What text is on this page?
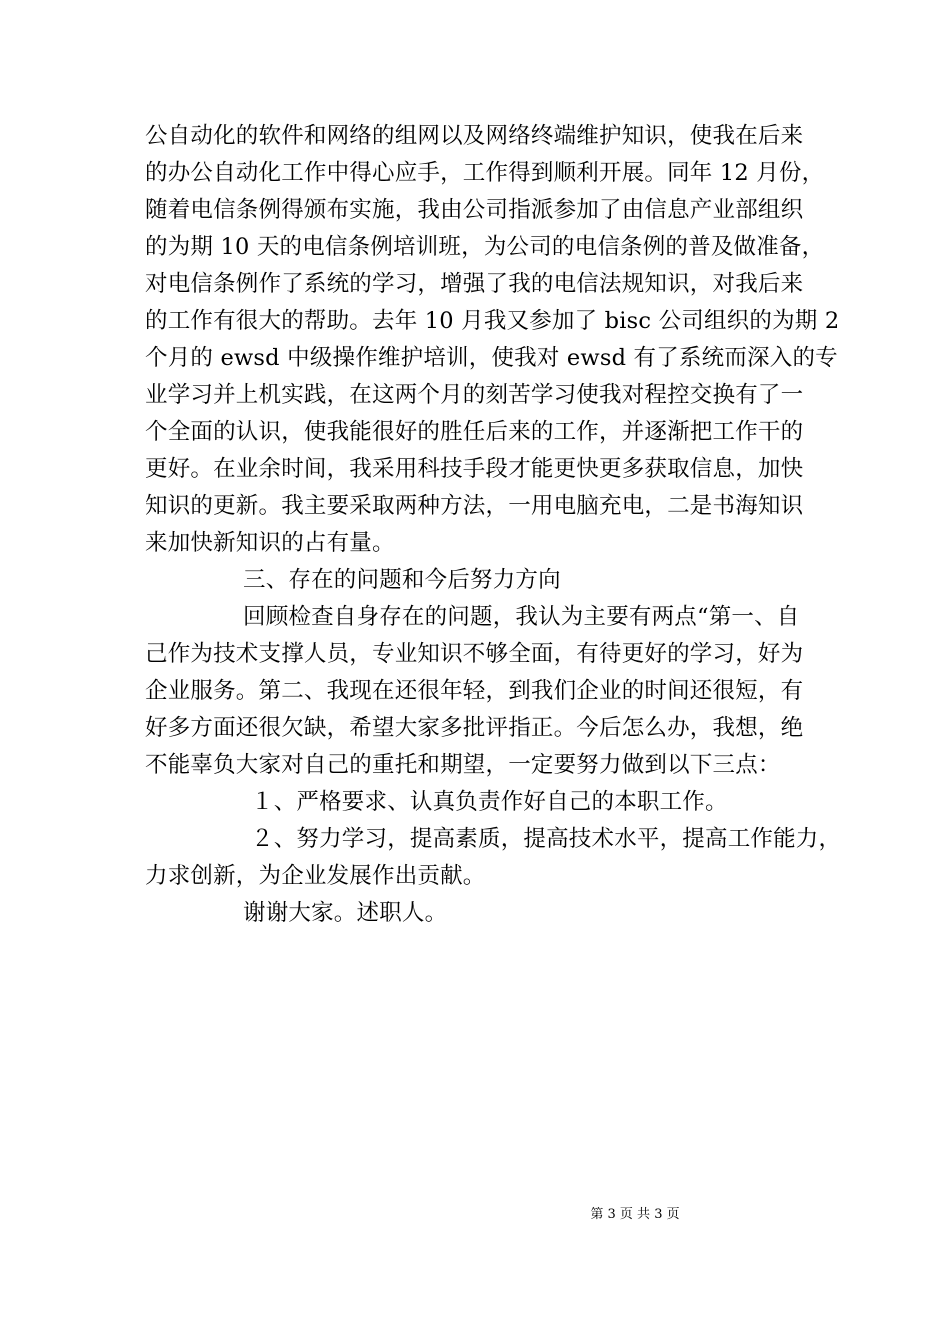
公自动化的软件和网络的组网以及网络终端维护知识，使我在后来
的办公自动化工作中得心应手，工作得到顺利开展。同年 12 月份，
随着电信条例得颁布实施，我由公司指派参加了由信息产业部组织
的为期 10 天的电信条例培训班，为公司的电信条例的普及做准备，
对电信条例作了系统的学习，增强了我的电信法规知识，对我后来
的工作有很大的帮助。去年 10 月我又参加了 bisc 公司组织的为期 2
个月的 ewsd 中级操作维护培训，使我对 ewsd 有了系统而深入的专
业学习并上机实践，在这两个月的刻苦学习使我对程控交换有了一
个全面的认识，使我能很好的胜任后来的工作，并逐渐把工作干的
更好。在业余时间，我采用科技手段才能更快更多获取信息，加快
知识的更新。我主要采取两种方法，一用电脑充电，二是书海知识
来加快新知识的占有量。
三、存在的问题和今后努力方向
回顾检查自身存在的问题，我认为主要有两点“第一、自
己作为技术支撑人员，专业知识不够全面，有待更好的学习，好为
企业服务。第二、我现在还很年轻，到我们企业的时间还很短，有
好多方面还很欠缺，希望大家多批评指正。今后怎么办，我想，绝
不能辜负大家对自己的重托和期望，一定要努力做到以下三点：
１、严格要求、认真负责作好自己的本职工作。
２、努力学习，提高素质，提高技术水平，提高工作能力，
力求创新，为企业发展作出贡献。
谢谢大家。述职人。
第 3 页 共 3 页
